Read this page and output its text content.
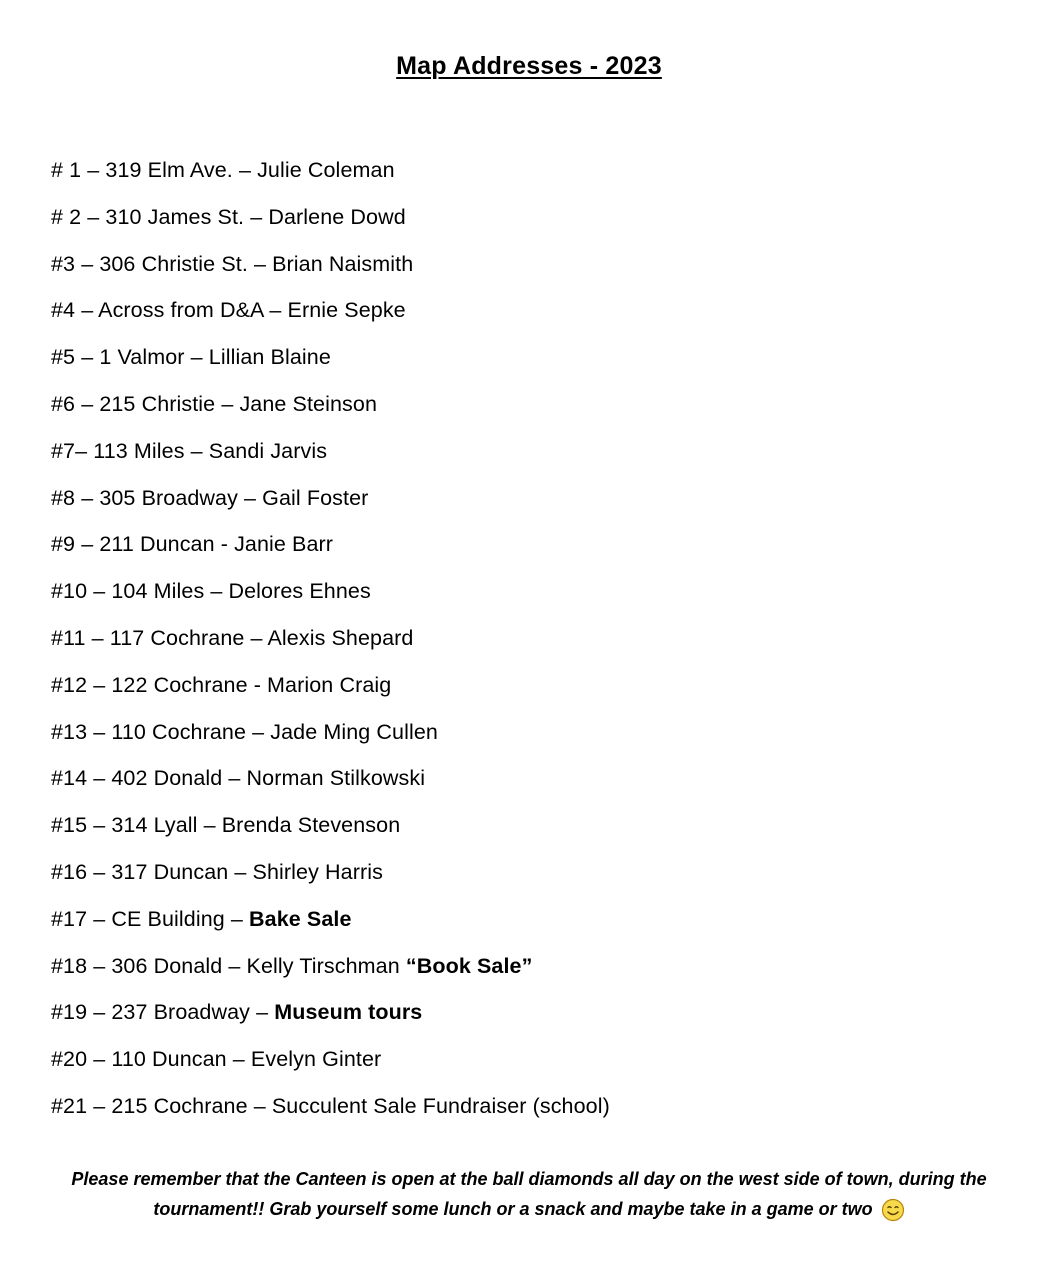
Map Addresses - 2023
# 1 – 319 Elm Ave. – Julie Coleman
# 2 – 310 James St. – Darlene Dowd
#3 – 306 Christie St. – Brian Naismith
#4 – Across from D&A – Ernie Sepke
#5 – 1 Valmor – Lillian Blaine
#6 – 215 Christie – Jane Steinson
#7– 113 Miles – Sandi Jarvis
#8 – 305 Broadway – Gail Foster
#9 – 211 Duncan - Janie Barr
#10 – 104 Miles – Delores Ehnes
#11 – 117 Cochrane – Alexis Shepard
#12 – 122 Cochrane - Marion Craig
#13 – 110 Cochrane – Jade Ming Cullen
#14 – 402 Donald – Norman Stilkowski
#15 – 314 Lyall – Brenda Stevenson
#16 – 317 Duncan – Shirley Harris
#17 – CE Building – Bake Sale
#18 – 306 Donald – Kelly Tirschman “Book Sale”
#19 – 237 Broadway – Museum tours
#20 – 110 Duncan – Evelyn Ginter
#21 – 215 Cochrane – Succulent Sale Fundraiser (school)
Please remember that the Canteen is open at the ball diamonds all day on the west side of town, during the tournament!! Grab yourself some lunch or a snack and maybe take in a game or two
